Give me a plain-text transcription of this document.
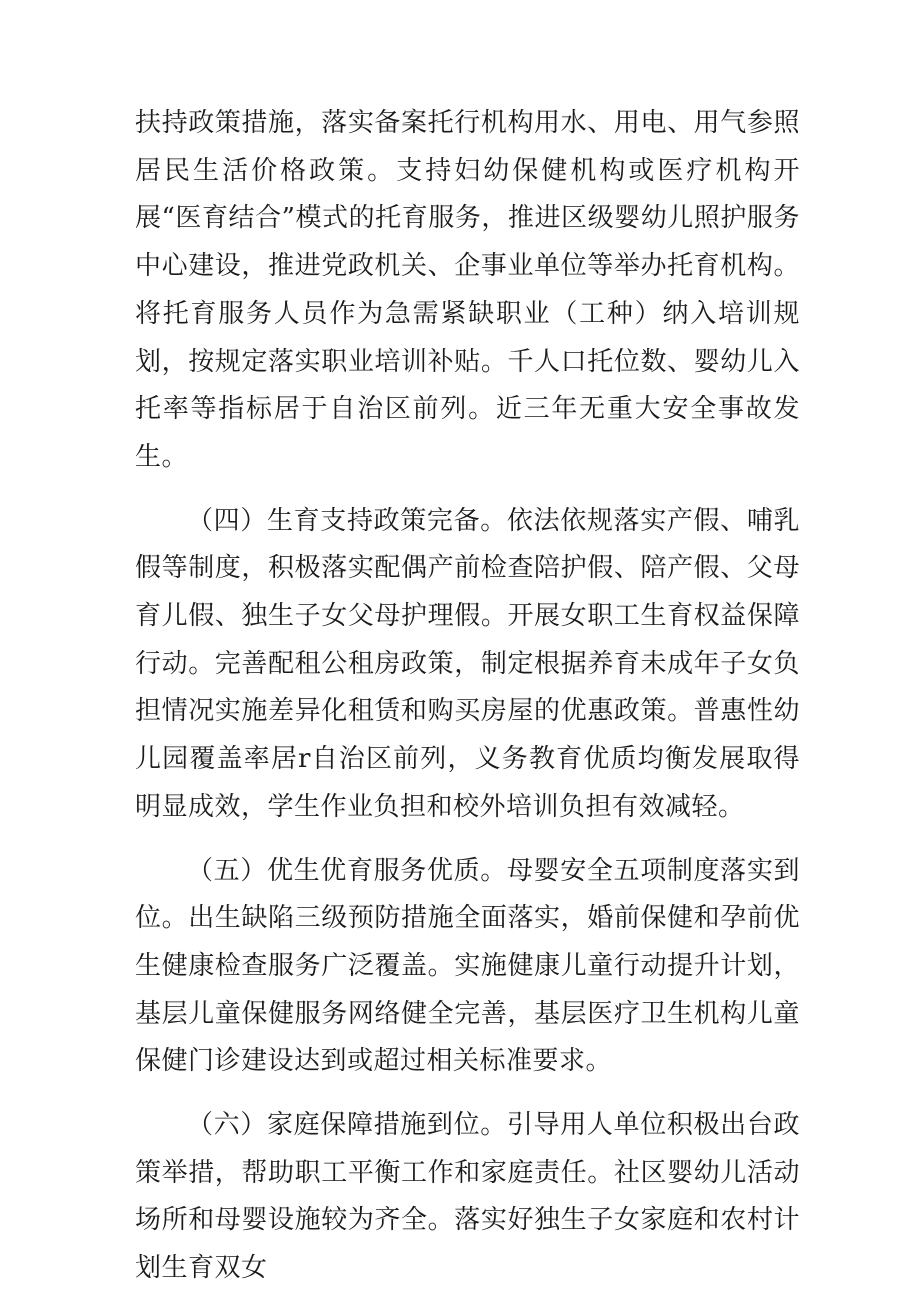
扶持政策措施，落实备案托行机构用水、用电、用气参照居民生活价格政策。支持妇幼保健机构或医疗机构开展“医育结合”模式的托育服务，推进区级婴幼儿照护服务中心建设，推进党政机关、企事业单位等举办托育机构。将托育服务人员作为急需紧缺职业（工种）纳入培训规划，按规定落实职业培训补贴。千人口托位数、婴幼儿入托率等指标居于自治区前列。近三年无重大安全事故发生。

（四）生育支持政策完备。依法依规落实产假、哺乳假等制度，积极落实配偶产前检查陪护假、陪产假、父母育儿假、独生子女父母护理假。开展女职工生育权益保障行动。完善配租公租房政策，制定根据养育未成年子女负担情况实施差异化租赁和购买房屋的优惠政策。普惠性幼儿园覆盖率居r自治区前列，义务教育优质均衡发展取得明显成效，学生作业负担和校外培训负担有效减轻。

（五）优生优育服务优质。母婴安全五项制度落实到位。出生缺陷三级预防措施全面落实，婚前保健和孕前优生健康检查服务广泛覆盖。实施健康儿童行动提升计划，基层儿童保健服务网络健全完善，基层医疗卫生机构儿童保健门诊建设达到或超过相关标准要求。

（六）家庭保障措施到位。引导用人单位积极出台政策举措，帮助职工平衡工作和家庭责任。社区婴幼儿活动场所和母婴设施较为齐全。落实好独生子女家庭和农村计划生育双女
